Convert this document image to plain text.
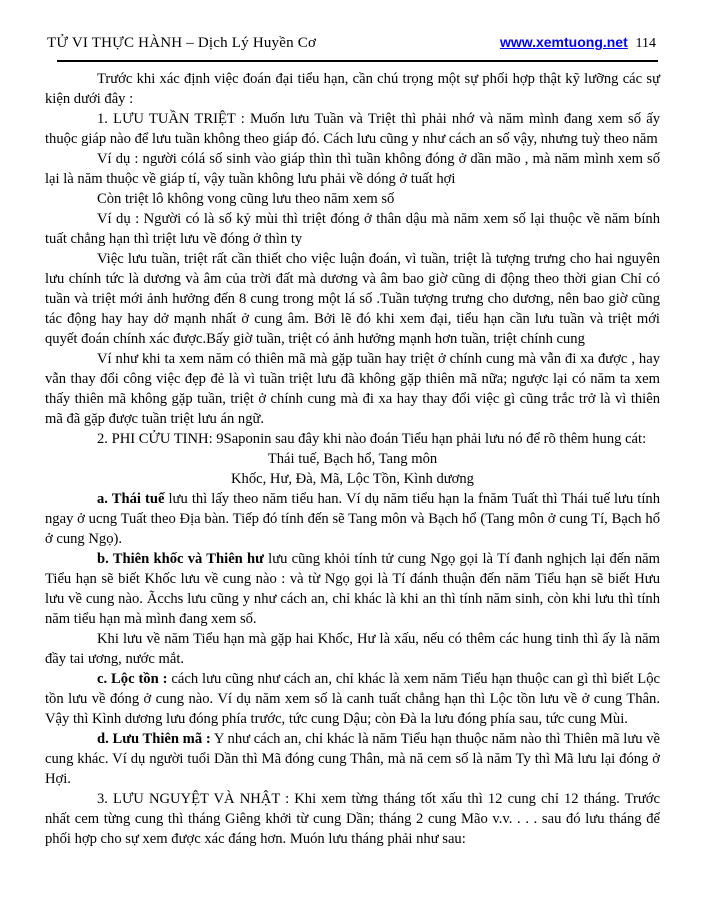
TỬ VI THỰC HÀNH – Dịch Lý Huyền Cơ	www.xemtuong.net 114

Trước khi xác định việc đoán đại tiểu hạn, cần chú trọng một sự phối hợp thật kỹ lưỡng các sự kiện dưới đây :

1. LƯU TUẦN TRIỆT : Muốn lưu Tuần và Triệt thì phải nhớ và năm mình đang xem số ấy thuộc giáp nào để lưu tuần không theo giáp đó. Cách lưu cũng y như cách an số vậy, nhưng tuỳ theo năm

Ví dụ : người cólá số sinh vào giáp thìn thì tuần không đóng ở dần mão , mà năm mình xem số lại là năm thuộc về giáp tí, vậy tuần không lưu phải về dóng ở tuất hợi

Còn triệt lô không vong cũng lưu theo năm xem số

Ví dụ : Người có là số kỷ mùi thì triệt đóng ở thân dậu mà năm xem số lại thuộc về năm bính tuất chẳng hạn thì triệt lưu về đóng ở thìn ty

Việc lưu tuần, triệt rất cần thiết cho việc luận đoán, vì tuần, triệt là tượng trưng cho hai nguyên lưu chính tức là dương và âm của trời đất mà dương và âm bao giờ cũng di động theo thời gian Chỉ có tuần và triệt mới ảnh hưởng đến 8 cung trong một lá số .Tuần tượng trưng cho dương, nên bao giờ cũng tác động hay hay dở mạnh nhất ở cung âm. Bởi lẽ đó khi xem đại, tiểu hạn cần lưu tuần và triệt mới quyết đoán chính xác được.Bấy giờ tuần, triệt có ảnh hưởng mạnh hơn tuần, triệt chính cung

Ví như khi ta xem năm có thiên mã mà gặp tuần hay triệt ở chính cung mà vẫn đi xa được , hay vẫn thay đổi công việc đẹp đẻ là vì tuần triệt lưu đã không gặp thiên mã nữa; ngược lại có năm ta xem thấy thiên mã không gặp tuần, triệt ở chính cung mà đi xa hay thay đổi việc gì cũng trắc trở là vì thiên mã đã gặp được tuần triệt lưu án ngữ.

2. PHI CỬU TINH: 9Saponin sau đây khi nào đoán Tiểu hạn phải lưu nó để rõ thêm hung cát:

Thái tuế, Bạch hổ, Tang môn

Khốc, Hư, Đà, Mã, Lộc Tồn, Kình dương

a. Thái tuế lưu thì lấy theo năm tiểu han. Ví dụ năm tiểu hạn la fnăm Tuất thì Thái tuế lưu tính ngay ở ucng Tuất theo Địa bàn. Tiếp đó tính đến sẽ Tang môn và Bạch hổ (Tang môn ở cung Tí, Bạch hổ ở cung Ngọ).

b. Thiên khốc và Thiên hư lưu cũng khỏi tính tử cung Ngọ gọi là Tí đanh nghịch lại đến năm Tiểu hạn sẽ biết Khốc lưu về cung nào : và từ Ngọ gọi là Tí đánh thuận đến năm Tiểu hạn sẽ biết Hưu lưu về cung nào. Ãcchs lưu cũng y như cách an, chỉ khác là khi an thì tính năm sinh, còn khi lưu thì tính năm tiểu hạn mà mình đang xem số.

Khi lưu về năm Tiểu hạn mà gặp hai Khốc, Hư là xấu, nếu có thêm các hung tinh thì ấy là năm đầy tai ương, nước mắt.

c. Lộc tồn : cách lưu cũng như cách an, chỉ khác là xem năm Tiểu hạn thuộc can gì thì biết Lộc tồn lưu về đóng ở cung nào. Ví dụ năm xem số là canh tuất chẳng hạn thì Lộc tồn lưu về ở cung Thân. Vậy thì Kình dương lưu đóng phía trước, tức cung Dậu; còn Đà la lưu đóng phía sau, tức cung Mùi.

d. Lưu Thiên mã : Y như cách an, chỉ khác là năm Tiểu hạn thuộc năm nào thì Thiên mã lưu về cung khác. Ví dụ người tuổi Dần thì Mã đóng cung Thân, mà nă cem số là năm Ty thì Mã lưu lại đóng ở Hợi.

3. LƯU NGUYỆT VÀ NHẬT : Khi xem từng tháng tốt xấu thì 12 cung chỉ 12 tháng. Trước nhất cem từng cung thì tháng Giêng khởi từ cung Dần; tháng 2 cung Mão v.v. . . . sau đó lưu tháng để phối hợp cho sự xem được xác đáng hơn. Muón lưu tháng phải như sau:
